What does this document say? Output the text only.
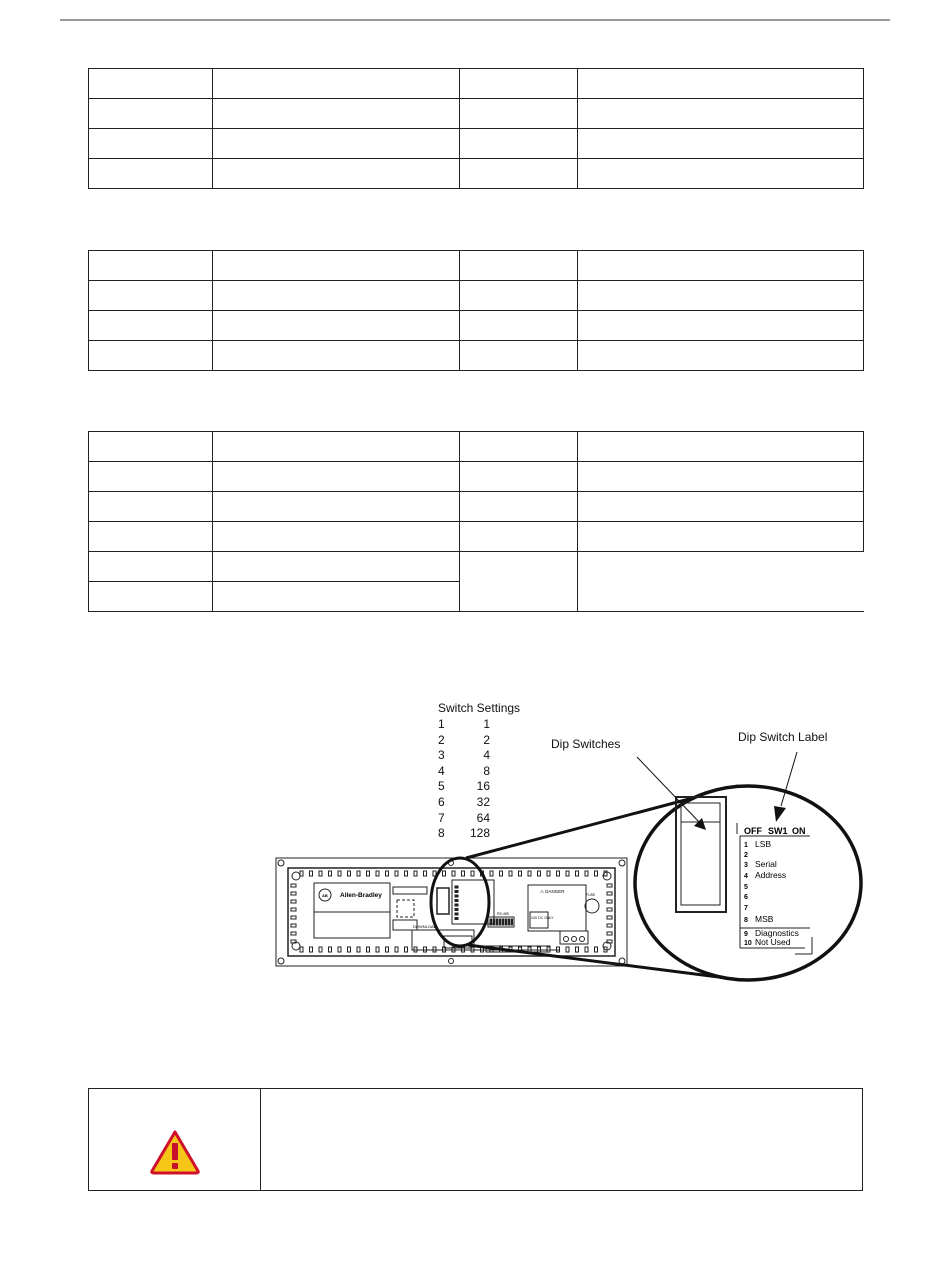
Switch Settings
1	1
2	2
3	4
4	8
5	16
6	32
7	64
8 128
Dip Switches	Dip Switch Label
Allen-Bradley
AB
DOWNLOAD
⚠ DANGER
24V DC ONLY
FUSE
RS-485
OFF SW1 ON
1 LSB
2
3 Serial
4 Address
5
6
7
8 MSB
9 Diagnostics
10 Not Used
